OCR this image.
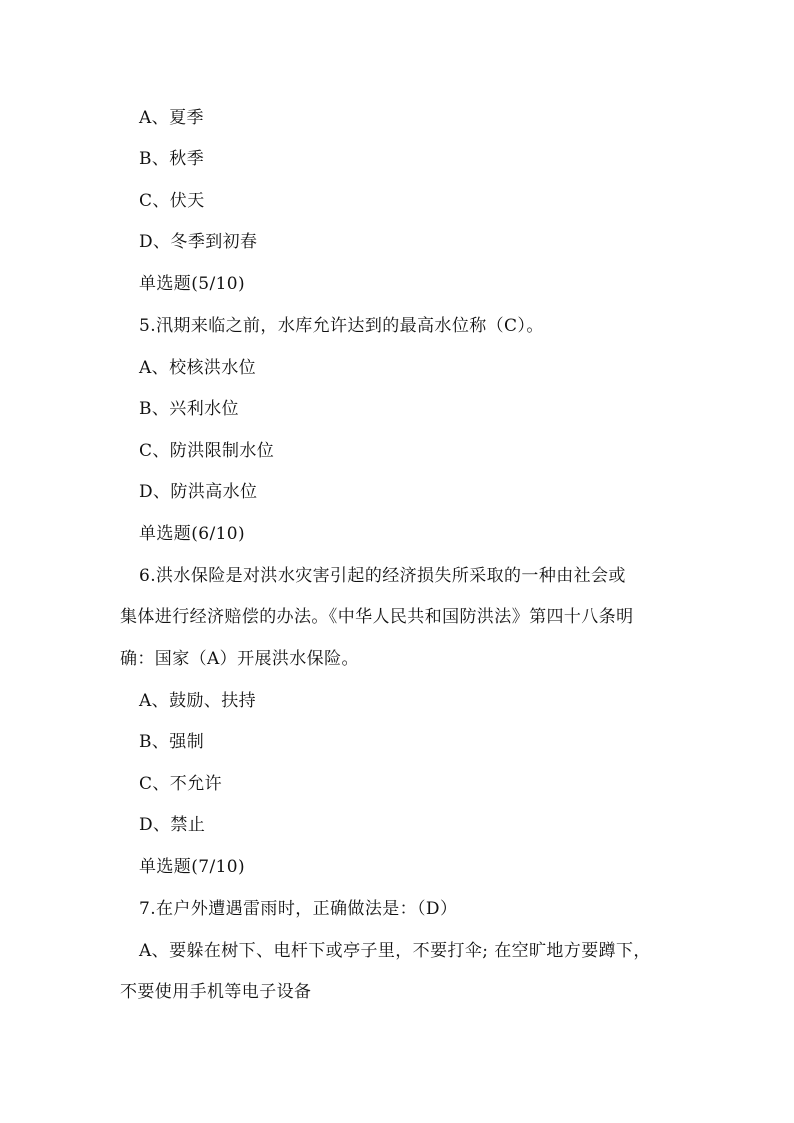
A、夏季
B、秋季
C、伏天
D、冬季到初春
单选题(5/10)
5.汛期来临之前，水库允许达到的最高水位称（C）。
A、校核洪水位
B、兴利水位
C、防洪限制水位
D、防洪高水位
单选题(6/10)
6.洪水保险是对洪水灾害引起的经济损失所采取的一种由社会或
集体进行经济赔偿的办法。《中华人民共和国防洪法》第四十八条明
确：国家（A）开展洪水保险。
A、鼓励、扶持
B、强制
C、不允许
D、禁止
单选题(7/10)
7.在户外遭遇雷雨时，正确做法是：（D）
A、要躲在树下、电杆下或亭子里，不要打伞; 在空旷地方要蹲下，
不要使用手机等电子设备
